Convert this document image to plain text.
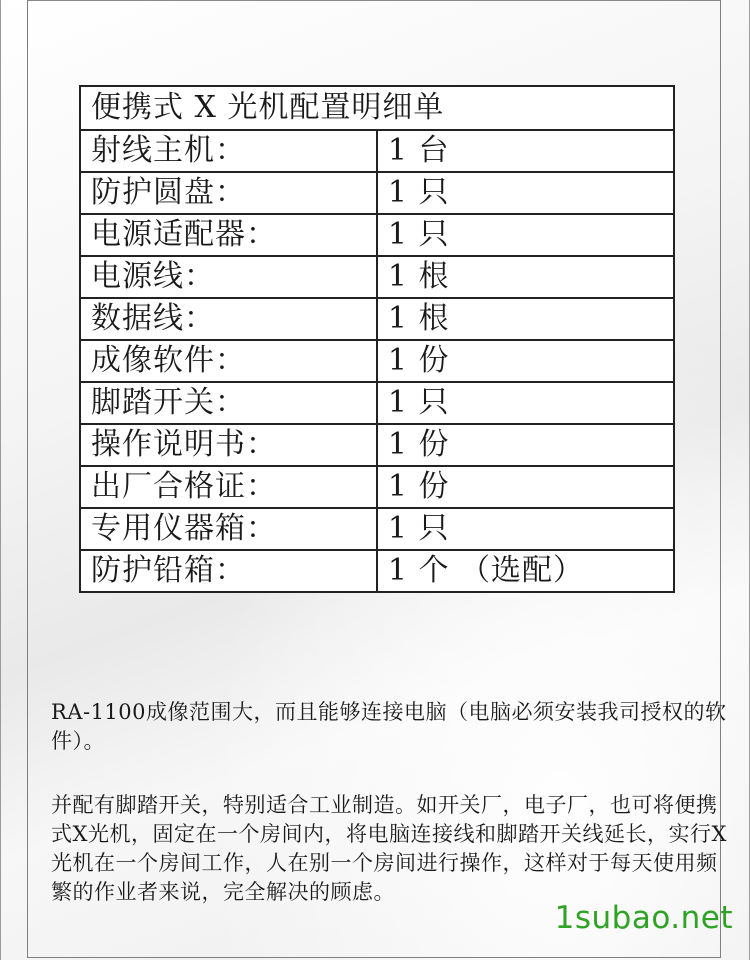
便携式 X 光机配置明细单	
射线主机：	1 台
防护圆盘：	1 只
电源适配器：	1 只
电源线：	1 根
数据线：	1 根
成像软件：	1 份
脚踏开关：	1 只
操作说明书：	1 份
出厂合格证：	1 份
专用仪器箱：	1 只
防护铅箱：	1 个 （选配）
RA-1100成像范围大，而且能够连接电脑（电脑必须安装我司授权的软件）。
并配有脚踏开关，特别适合工业制造。如开关厂，电子厂，也可将便携式X光机，固定在一个房间内，将电脑连接线和脚踏开关线延长，实行X光机在一个房间工作，人在别一个房间进行操作，这样对于每天使用频繁的作业者来说，完全解决的顾虑。
1subao.net
